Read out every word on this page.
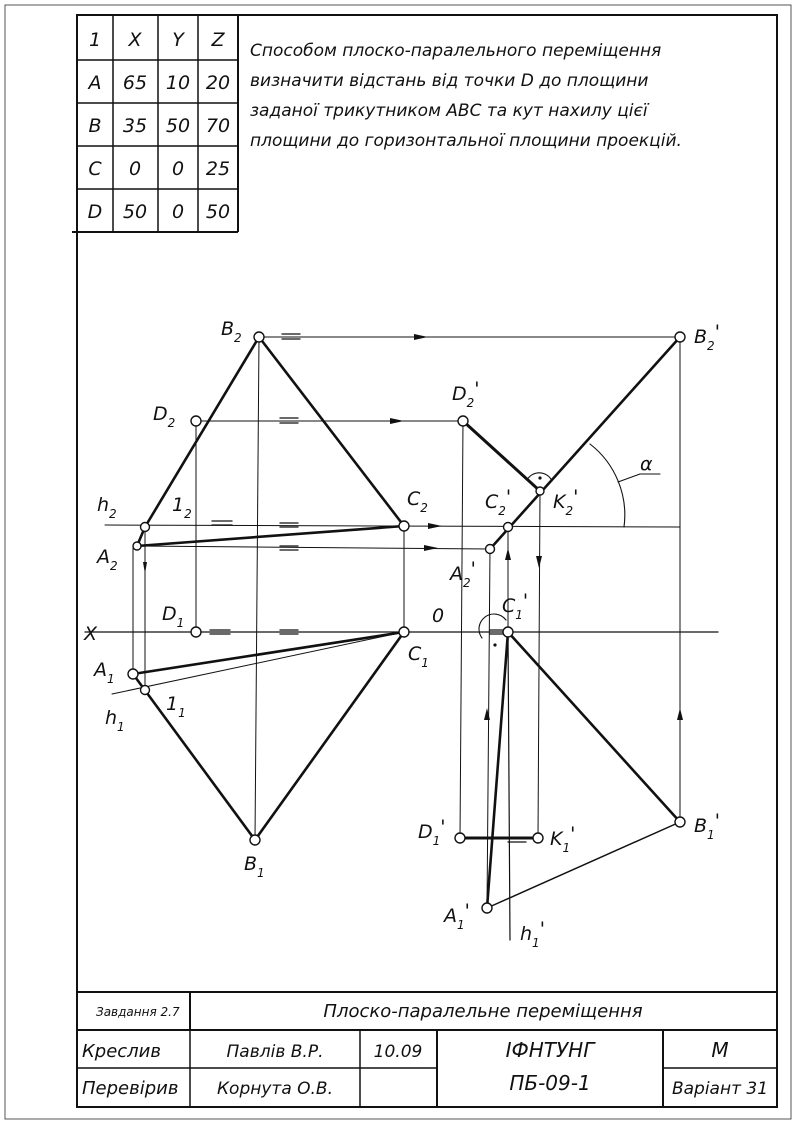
1 X Y Z
A 65 10 20
B 35 50 70
C 0 0 25
D 50 0 50
Способом плоско-паралельного переміщення
визначити відстань від точки D до площини
заданої трикутником ABC та кут нахилу цієї
площини до горизонтальної площини проекцій.
$B_2$	$B_2'$
$D_2$
$D_2'$
α
$h_2$	$1_2$
$C_2$	$C_2'$ $K_2'$
$A_2$	$A_2'$
X
0
$D_1$
$C_1$
$C_1'$
$A_1$
$1_1$
$h_1$
$B_1$
$B_1'$
$D_1'$
$K_1'$
$A_1'$
$h_1'$
Завдання 2.7	Плоско-паралельне переміщення
Креслив	Павлів В.Р.	10.09
Перевірив Корнута О.В.
ІФНТУНГ
ПБ-09-1
М
Варіант 31
